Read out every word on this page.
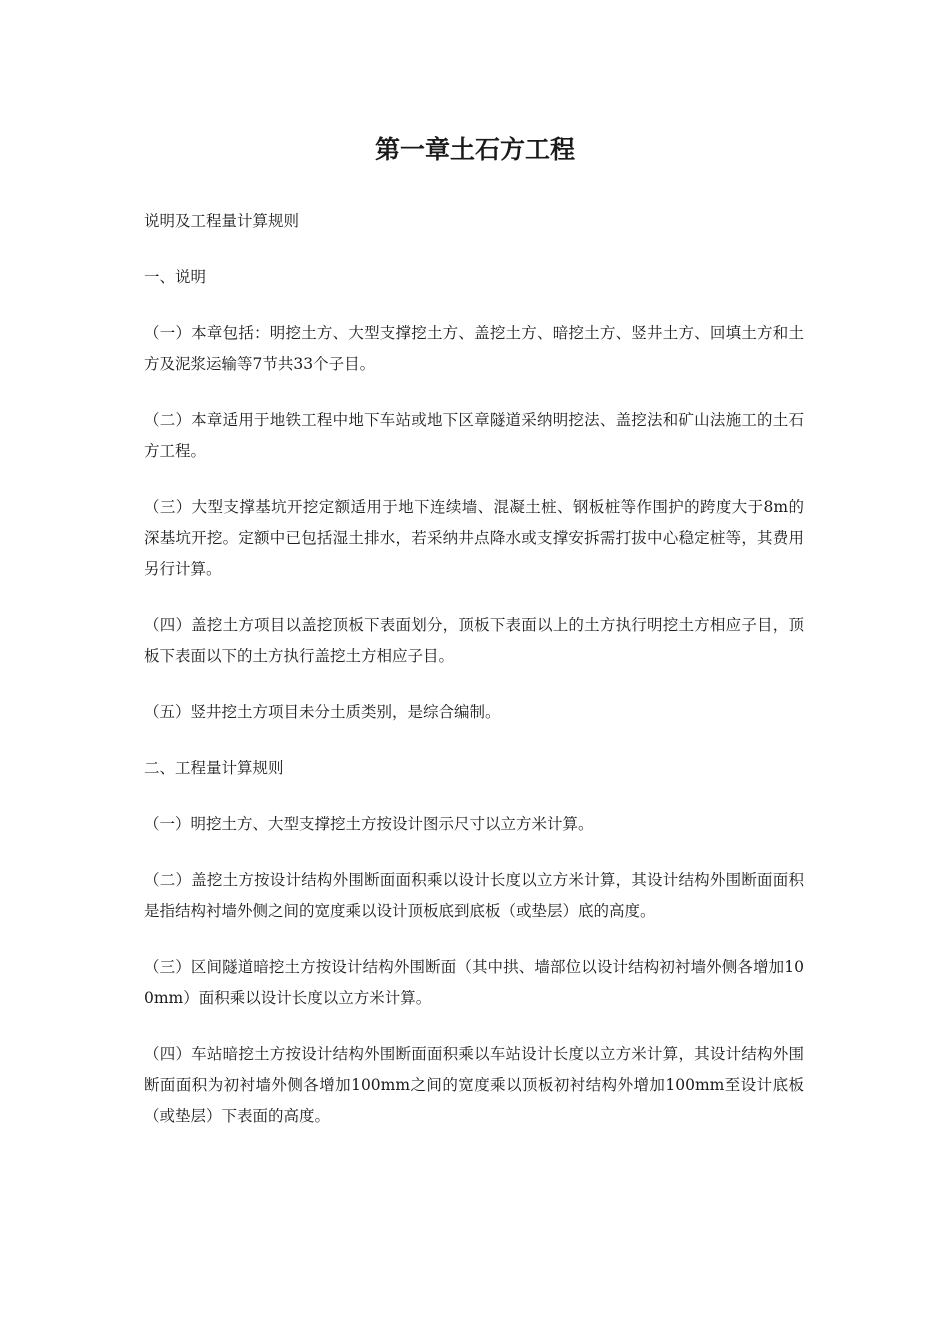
第一章土石方工程

说明及工程量计算规则

一、说明

（一）本章包括：明挖土方、大型支撑挖土方、盖挖土方、暗挖土方、竖井土方、回填土方和土方及泥浆运输等7节共33个子目。

（二）本章适用于地铁工程中地下车站或地下区章隧道采纳明挖法、盖挖法和矿山法施工的土石方工程。

（三）大型支撑基坑开挖定额适用于地下连续墙、混凝土桩、钢板桩等作围护的跨度大于8m的深基坑开挖。定额中已包括湿土排水，若采纳井点降水或支撑安拆需打拔中心稳定桩等，其费用另行计算。

（四）盖挖土方项目以盖挖顶板下表面划分，顶板下表面以上的土方执行明挖土方相应子目，顶板下表面以下的土方执行盖挖土方相应子目。

（五）竖井挖土方项目未分土质类别，是综合编制。

二、工程量计算规则

（一）明挖土方、大型支撑挖土方按设计图示尺寸以立方米计算。

（二）盖挖土方按设计结构外围断面面积乘以设计长度以立方米计算，其设计结构外围断面面积是指结构衬墙外侧之间的宽度乘以设计顶板底到底板（或垫层）底的高度。

（三）区间隧道暗挖土方按设计结构外围断面（其中拱、墙部位以设计结构初衬墙外侧各增加100mm）面积乘以设计长度以立方米计算。

（四）车站暗挖土方按设计结构外围断面面积乘以车站设计长度以立方米计算，其设计结构外围断面面积为初衬墙外侧各增加100mm之间的宽度乘以顶板初衬结构外增加100mm至设计底板（或垫层）下表面的高度。
